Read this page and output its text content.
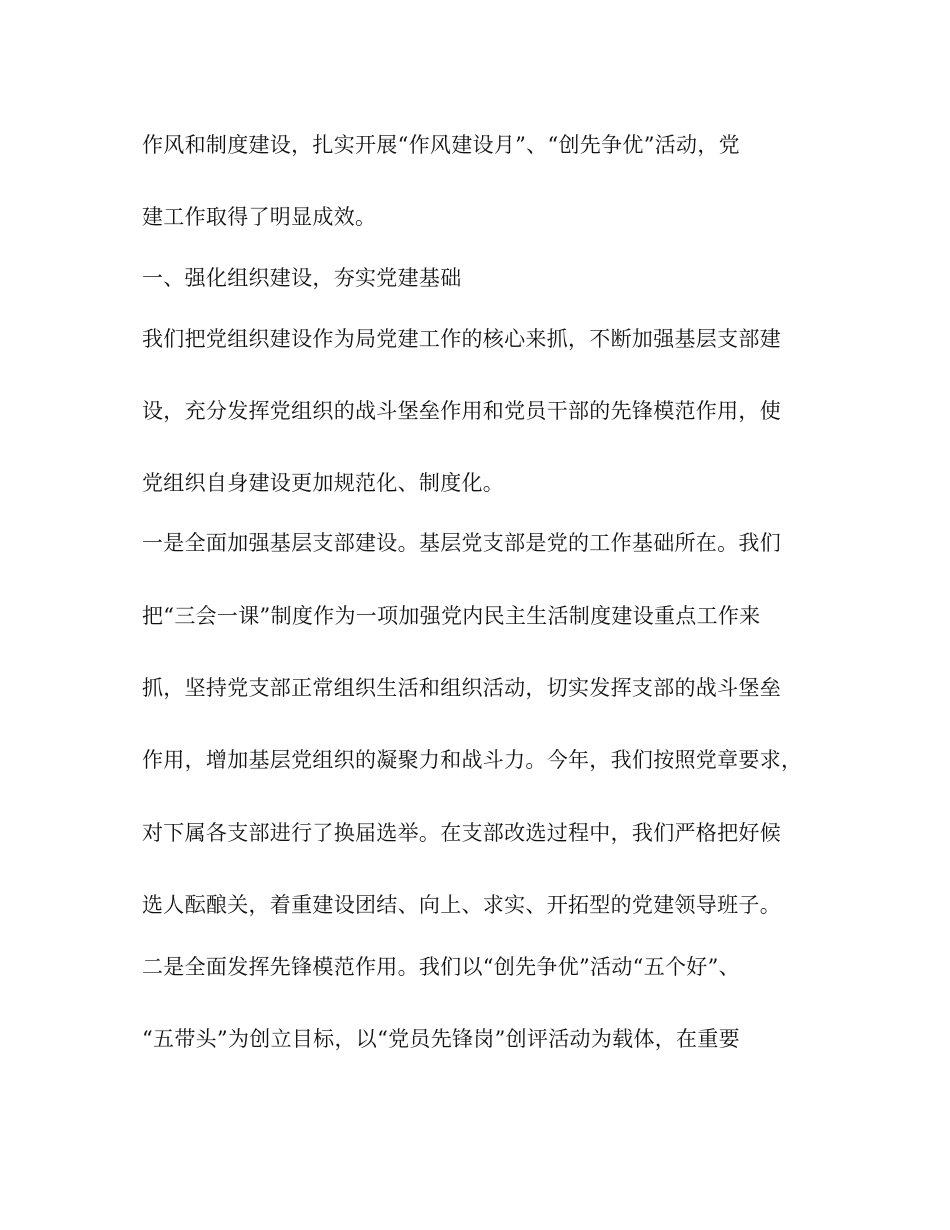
作风和制度建设，扎实开展“作风建设月”、“创先争优”活动，党
建工作取得了明显成效。
一、强化组织建设，夯实党建基础
我们把党组织建设作为局党建工作的核心来抓，不断加强基层支部建
设，充分发挥党组织的战斗堡垒作用和党员干部的先锋模范作用，使
党组织自身建设更加规范化、制度化。
一是全面加强基层支部建设。基层党支部是党的工作基础所在。我们
把“三会一课”制度作为一项加强党内民主生活制度建设重点工作来
抓，坚持党支部正常组织生活和组织活动，切实发挥支部的战斗堡垒
作用，增加基层党组织的凝聚力和战斗力。今年，我们按照党章要求，
对下属各支部进行了换届选举。在支部改选过程中，我们严格把好候
选人酝酿关，着重建设团结、向上、求实、开拓型的党建领导班子。
二是全面发挥先锋模范作用。我们以“创先争优”活动“五个好”、
“五带头”为创立目标，以“党员先锋岗”创评活动为载体，在重要
